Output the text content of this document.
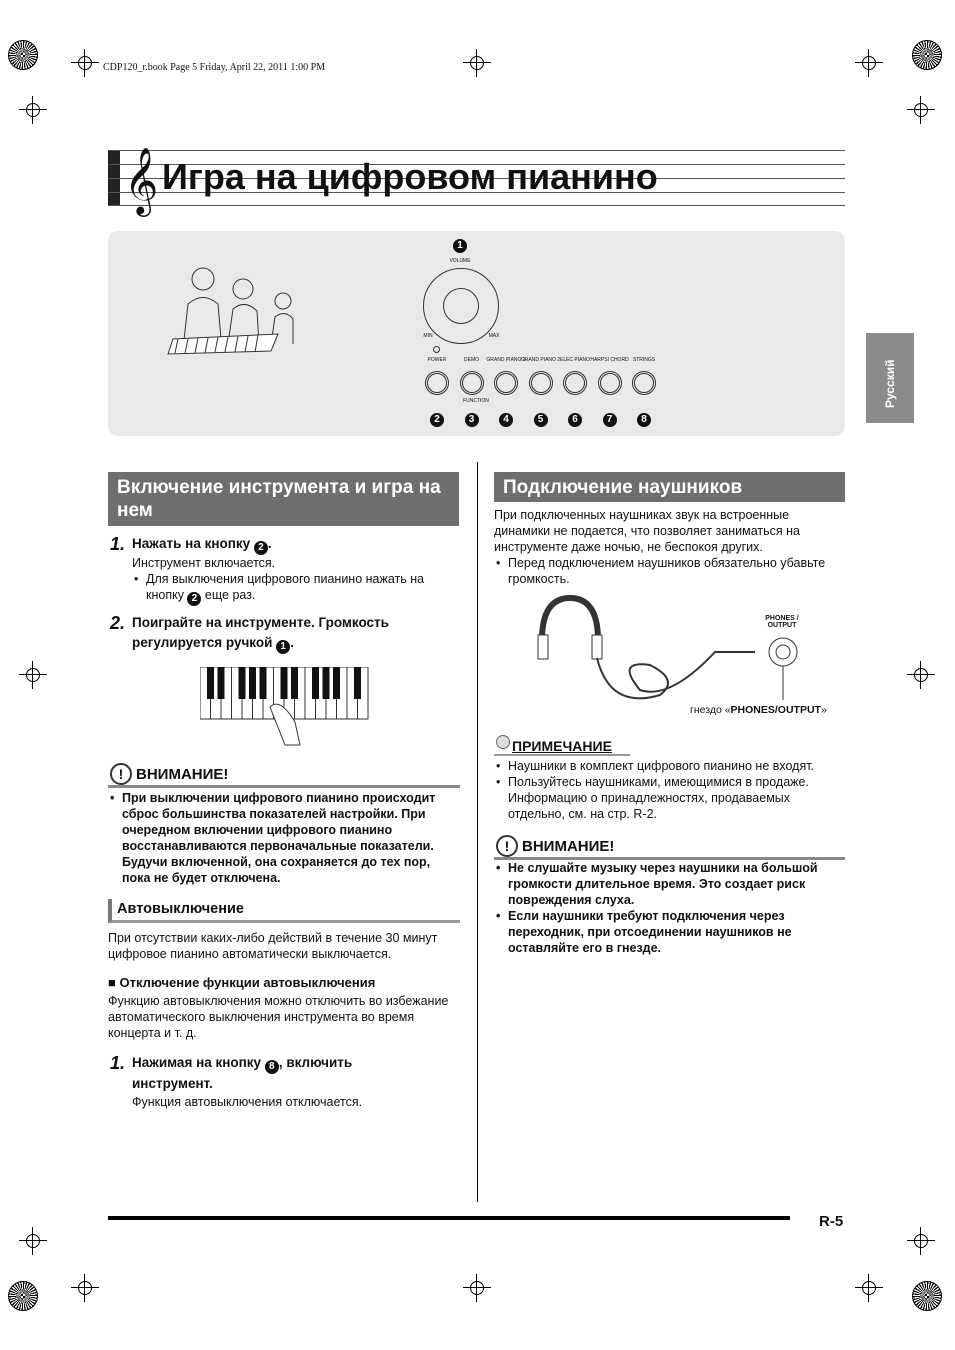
CDP120_r.book Page 5 Friday, April 22, 2011 1:00 PM
𝄞 Игра на цифровом пианино
1
VOLUME
MIN	MAX
FUNCTION
POWER
2
DEMO
3
GRAND PIANO 1
4
GRAND PIANO 2
5
ELEC PIANO
6
HARPSI CHORD
7
STRINGS
8
Русский
Включение инструмента и игра на нем
1. Нажать на кнопку 2 .
Инструмент включается.
• Для выключения цифрового пианино нажать на кнопку 2 еще раз.
2. Поиграйте на инструменте. Громкость регулируется ручкой 1 .
! ВНИМАНИЕ!
• При выключении цифрового пианино происходит сброс большинства показателей настройки. При очередном включении цифрового пианино восстанавливаются первоначальные показатели. Будучи включенной, она сохраняется до тех пор, пока не будет отключена.
Автовыключение
При отсутствии каких-либо действий в течение 30 минут цифровое пианино автоматически выключается.
■ Отключение функции автовыключения
Функцию автовыключения можно отключить во избежание автоматического выключения инструмента во время концерта и т. д.
1. Нажимая на кнопку 8 , включить инструмент.
Функция автовыключения отключается.
Подключение наушников
При подключенных наушниках звук на встроенные динамики не подается, что позволяет заниматься на инструменте даже ночью, не беспокоя других.
• Перед подключением наушников обязательно убавьте громкость.
PHONES / OUTPUT
гнездо «PHONES/OUTPUT»
ПРИМЕЧАНИЕ
• Наушники в комплект цифрового пианино не входят.
• Пользуйтесь наушниками, имеющимися в продаже. Информацию о принадлежностях, продаваемых отдельно, см. на стр. R-2.
! ВНИМАНИЕ!
• Не слушайте музыку через наушники на большой громкости длительное время. Это создает риск повреждения слуха.
• Если наушники требуют подключения через переходник, при отсоединении наушников не оставляйте его в гнезде.
R-5
